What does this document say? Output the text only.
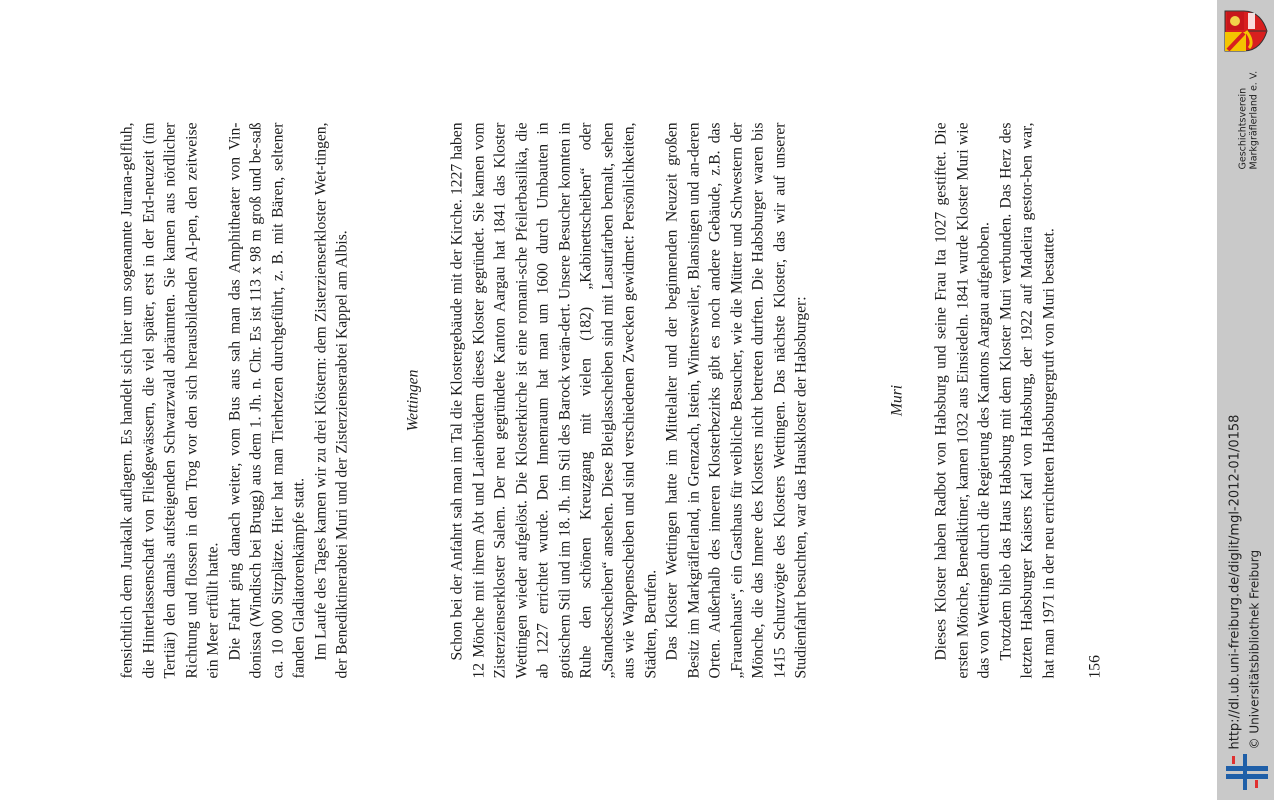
fensichtlich dem Jurakalk auflagern. Es handelt sich hier um sogenannte Jurana-gelfluh, die Hinterlassenschaft von Fließgewässern, die viel später, erst in der Erd-neuzeit (im Tertiär) den damals aufsteigenden Schwarzwald abräumten. Sie kamen aus nördlicher Richtung und flossen in den Trog vor den sich herausbildenden Al-pen, den zeitweise ein Meer erfüllt hatte. Die Fahrt ging danach weiter, vom Bus aus sah man das Amphitheater von Vin-donissa (Windisch bei Brugg) aus dem 1. Jh. n. Chr. Es ist 113 x 98 m groß und be-saß ca. 10 000 Sitzplätze. Hier hat man Tierhetzen durchgeführt, z. B. mit Bären, seltener fanden Gladiatorenkämpfe statt. Im Laufe des Tages kamen wir zu drei Klöstern: dem Zisterzienserkloster Wet-tingen, der Benediktinerabtei Muri und der Zisterzienserabtei Kappel am Albis.	Wettingen Schon bei der Anfahrt sah man im Tal die Klostergebäude mit der Kirche. 1227 haben 12 Mönche mit ihrem Abt und Laienbrüdern dieses Kloster gegründet. Sie kamen vom Zisterzienserkloster Salem. Der neu gegründete Kanton Aargau hat 1841 das Kloster Wettingen wieder aufgelöst. Die Klosterkirche ist eine romani-sche Pfeilerbasilika, die ab 1227 errichtet wurde. Den Innenraum hat man um 1600 durch Umbauten in gotischem Stil und im 18. Jh. im Stil des Barock verän-dert. Unsere Besucher konnten in Ruhe den schönen Kreuzgang mit vielen (182) „Kabinettscheiben“ oder „Standesscheiben“ ansehen. Diese Bleiglasscheiben sind mit Lasurfarben bemalt, sehen aus wie Wappenscheiben und sind verschiedenen Zwecken gewidmet: Persönlichkeiten, Städten, Berufen. Das Kloster Wettingen hatte im Mittelalter und der beginnenden Neuzeit großen Besitz im Markgräflerland, in Grenzach, Istein, Wintersweiler, Blansingen und an-deren Orten. Außerhalb des inneren Klosterbezirks gibt es noch andere Gebäude, z.B. das „Frauenhaus“, ein Gasthaus für weibliche Besucher, wie die Mütter und Schwestern der Mönche, die das Innere des Klosters nicht betreten durften. Die Habsburger waren bis 1415 Schutzvögte des Klosters Wettingen. Das nächste Kloster, das wir auf unserer Studienfahrt besuchten, war das Hauskloster der Habsburger:	Muri Dieses Kloster haben Radbot von Habsburg und seine Frau Ita 1027 gestiftet. Die ersten Mönche, Benediktiner, kamen 1032 aus Einsiedeln. 1841 wurde Kloster Muri wie das von Wettingen durch die Regierung des Kantons Aargau aufgehoben. Trotzdem blieb das Haus Habsburg mit dem Kloster Muri verbunden. Das Herz des letzten Habsburger Kaisers Karl von Habsburg, der 1922 auf Madeira gestor-ben war, hat man 1971 in der neu errichteten Habsburgergruft von Muri bestattet. 156	http://dl.ub.uni-freiburg.de/diglit/mgl-2012-01/0158 © Universitätsbibliothek Freiburg
Geschichtsverein Markgräflerland e. V.
